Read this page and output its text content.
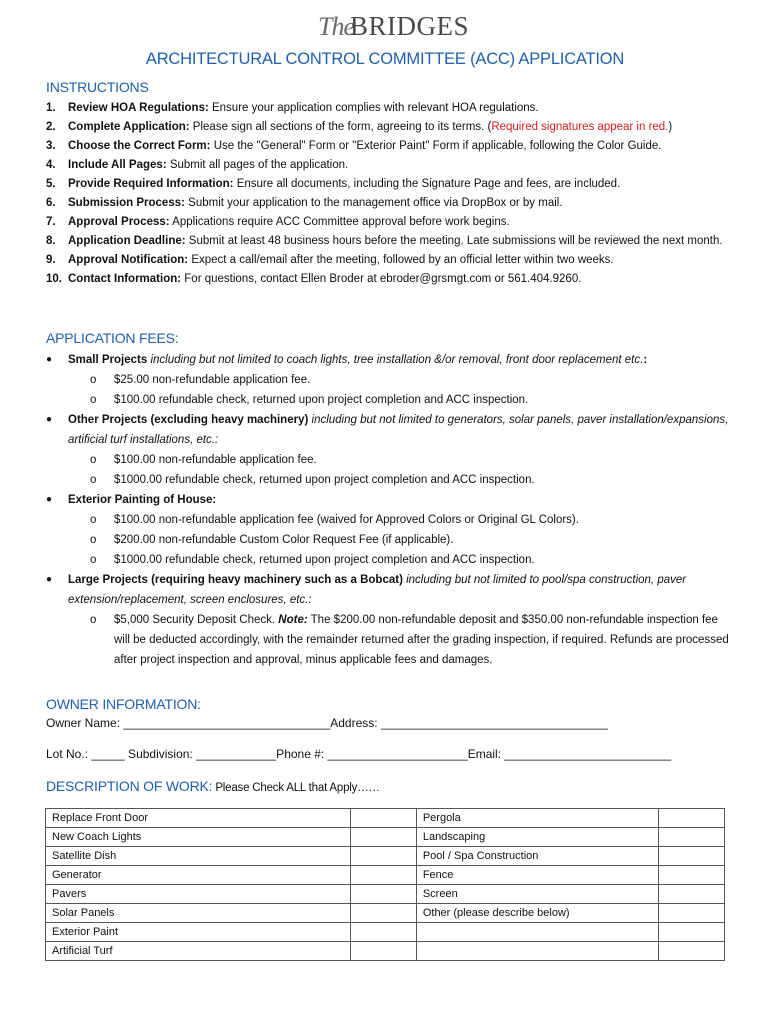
The
BRIDGES
ARCHITECTURAL CONTROL COMMITTEE (ACC) APPLICATION
INSTRUCTIONS
1.	Review HOA Regulations: Ensure your application complies with relevant HOA regulations.
2.	Complete Application: Please sign all sections of the form, agreeing to its terms. (Required signatures appear in red.)
3.	Choose the Correct Form: Use the "General" Form or "Exterior Paint" Form if applicable, following the Color Guide.
4.	Include All Pages: Submit all pages of the application.
5.	Provide Required Information: Ensure all documents, including the Signature Page and fees, are included.
6.	Submission Process: Submit your application to the management office via DropBox or by mail.
7.	Approval Process: Applications require ACC Committee approval before work begins.
8.	Application Deadline: Submit at least 48 business hours before the meeting. Late submissions will be reviewed the next month.
9.	Approval Notification: Expect a call/email after the meeting, followed by an official letter within two weeks.
10. Contact Information: For questions, contact Ellen Broder at ebroder@grsmgt.com or 561.404.9260.
APPLICATION FEES:
●	Small Projects including but not limited to coach lights, tree installation &/or removal, front door replacement etc.:
o	$25.00 non-refundable application fee.
o	$100.00 refundable check, returned upon project completion and ACC inspection.
●	Other Projects (excluding heavy machinery) including but not limited to generators, solar panels, paver installation/expansions, artificial turf installations, etc.:
o	$100.00 non-refundable application fee.
o	$1000.00 refundable check, returned upon project completion and ACC inspection.
●	Exterior Painting of House:
o	$100.00 non-refundable application fee (waived for Approved Colors or Original GL Colors).
o	$200.00 non-refundable Custom Color Request Fee (if applicable).
o	$1000.00 refundable check, returned upon project completion and ACC inspection.
●	Large Projects (requiring heavy machinery such as a Bobcat) including but not limited to pool/spa construction, paver extension/replacement, screen enclosures, etc.:
o	$5,000 Security Deposit Check. Note: The $200.00 non-refundable deposit and $350.00 non-refundable inspection fee will be deducted accordingly, with the remainder returned after the grading inspection, if required. Refunds are processed after project inspection and approval, minus applicable fees and damages.
OWNER INFORMATION:
Owner Name: _______________________________Address: __________________________________
Lot No.: _____ Subdivision: ____________Phone #: _____________________Email: _________________________
DESCRIPTION OF WORK: Please Check ALL that Apply……
Replace Front Door		Pergola	
New Coach Lights		Landscaping	
Satellite Dish		Pool / Spa Construction	
Generator		Fence	
Pavers		Screen	
Solar Panels		Other (please describe below)	
Exterior Paint			
Artificial Turf			
